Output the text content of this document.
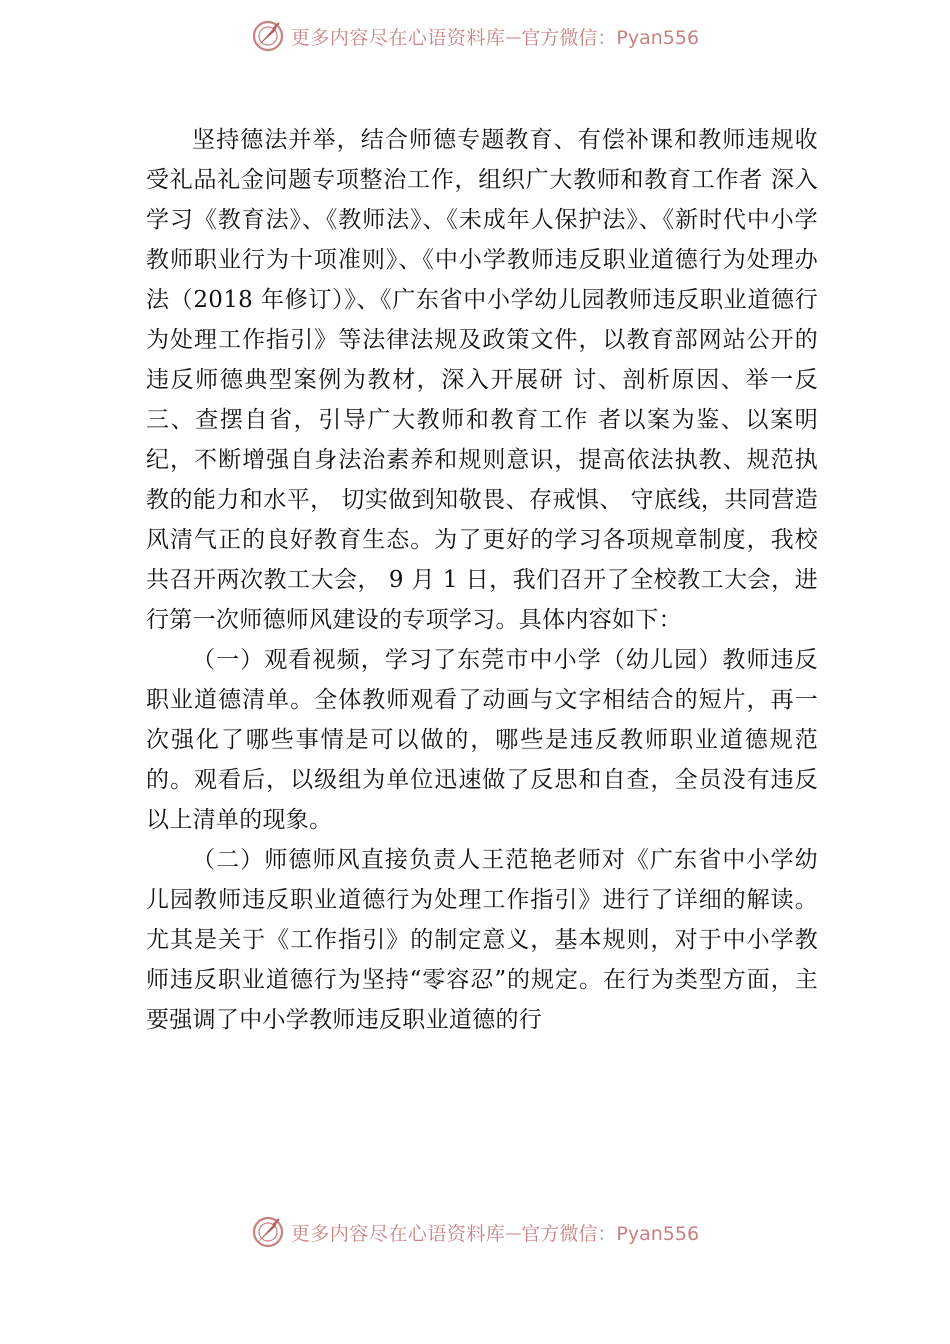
更多内容尽在心语资料库 — 官方微信：Pyan556

坚持德法并举，结合师德专题教育、有偿补课和教师违规收受礼品礼金问题专项整治工作，组织广大教师和教育工作者 深入学习《教育法》、《教师法》、《未成年人保护法》、《新时代中小学教师职业行为十项准则》、《中小学教师违反职业道德行为处理办法（2018 年修订）》、《广东省中小学幼儿园教师违反职业道德行为处理工作指引》等法律法规及政策文件，以教育部网站公开的违反师德典型案例为教材，深入开展研 讨、剖析原因、举一反三、查摆自省，引导广大教师和教育工作 者以案为鉴、以案明纪，不断增强自身法治素养和规则意识，提高依法执教、规范执教的能力和水平， 切实做到知敬畏、存戒惧、 守底线，共同营造风清气正的良好教育生态。为了更好的学习各项规章制度，我校共召开两次教工大会， 9 月 1 日，我们召开了全校教工大会，进行第一次师德师风建设的专项学习。具体内容如下：

（一）观看视频，学习了东莞市中小学（幼儿园）教师违反职业道德清单。全体教师观看了动画与文字相结合的短片，再一次强化了哪些事情是可以做的，哪些是违反教师职业道德规范的。观看后，以级组为单位迅速做了反思和自查，全员没有违反以上清单的现象。

（二）师德师风直接负责人王范艳老师对《广东省中小学幼儿园教师违反职业道德行为处理工作指引》进行了详细的解读。尤其是关于《工作指引》的制定意义，基本规则，对于中小学教师违反职业道德行为坚持“零容忍”的规定。在行为类型方面，主要强调了中小学教师违反职业道德的行

更多内容尽在心语资料库 — 官方微信：Pyan556
